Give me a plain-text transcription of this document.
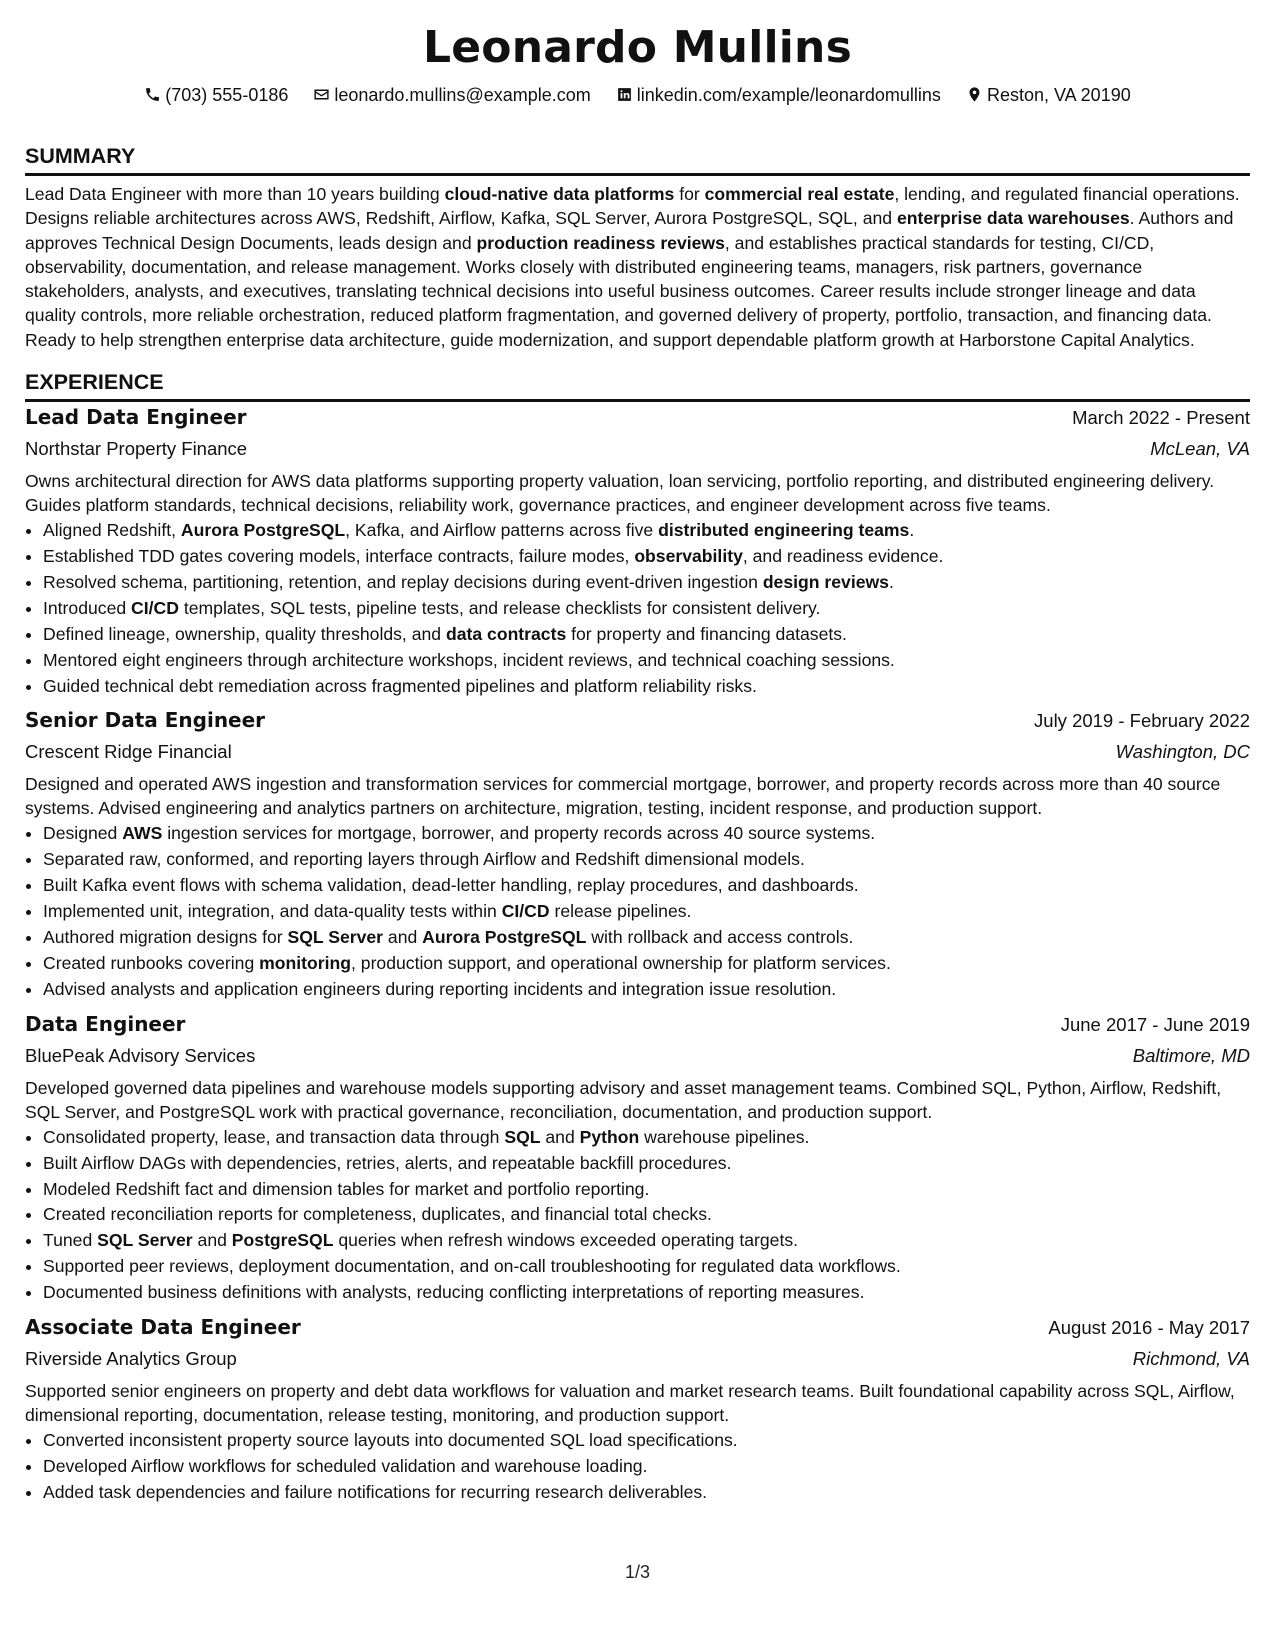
Leonardo Mullins
(703) 555-0186	leonardo.mullins@example.com	linkedin.com/example/leonardomullins	Reston, VA 20190
SUMMARY
Lead Data Engineer with more than 10 years building cloud-native data platforms for commercial real estate, lending, and regulated financial operations. Designs reliable architectures across AWS, Redshift, Airflow, Kafka, SQL Server, Aurora PostgreSQL, SQL, and enterprise data warehouses. Authors and approves Technical Design Documents, leads design and production readiness reviews, and establishes practical standards for testing, CI/CD, observability, documentation, and release management. Works closely with distributed engineering teams, managers, risk partners, governance stakeholders, analysts, and executives, translating technical decisions into useful business outcomes. Career results include stronger lineage and data quality controls, more reliable orchestration, reduced platform fragmentation, and governed delivery of property, portfolio, transaction, and financing data. Ready to help strengthen enterprise data architecture, guide modernization, and support dependable platform growth at Harborstone Capital Analytics.
EXPERIENCE
Lead Data Engineer	March 2022 - Present
Northstar Property Finance	McLean, VA
Owns architectural direction for AWS data platforms supporting property valuation, loan servicing, portfolio reporting, and distributed engineering delivery. Guides platform standards, technical decisions, reliability work, governance practices, and engineer development across five teams.
• Aligned Redshift, Aurora PostgreSQL, Kafka, and Airflow patterns across five distributed engineering teams.
• Established TDD gates covering models, interface contracts, failure modes, observability, and readiness evidence.
• Resolved schema, partitioning, retention, and replay decisions during event-driven ingestion design reviews.
• Introduced CI/CD templates, SQL tests, pipeline tests, and release checklists for consistent delivery.
• Defined lineage, ownership, quality thresholds, and data contracts for property and financing datasets.
• Mentored eight engineers through architecture workshops, incident reviews, and technical coaching sessions.
• Guided technical debt remediation across fragmented pipelines and platform reliability risks.
Senior Data Engineer	July 2019 - February 2022
Crescent Ridge Financial	Washington, DC
Designed and operated AWS ingestion and transformation services for commercial mortgage, borrower, and property records across more than 40 source systems. Advised engineering and analytics partners on architecture, migration, testing, incident response, and production support.
• Designed AWS ingestion services for mortgage, borrower, and property records across 40 source systems.
• Separated raw, conformed, and reporting layers through Airflow and Redshift dimensional models.
• Built Kafka event flows with schema validation, dead-letter handling, replay procedures, and dashboards.
• Implemented unit, integration, and data-quality tests within CI/CD release pipelines.
• Authored migration designs for SQL Server and Aurora PostgreSQL with rollback and access controls.
• Created runbooks covering monitoring, production support, and operational ownership for platform services.
• Advised analysts and application engineers during reporting incidents and integration issue resolution.
Data Engineer	June 2017 - June 2019
BluePeak Advisory Services	Baltimore, MD
Developed governed data pipelines and warehouse models supporting advisory and asset management teams. Combined SQL, Python, Airflow, Redshift, SQL Server, and PostgreSQL work with practical governance, reconciliation, documentation, and production support.
• Consolidated property, lease, and transaction data through SQL and Python warehouse pipelines.
• Built Airflow DAGs with dependencies, retries, alerts, and repeatable backfill procedures.
• Modeled Redshift fact and dimension tables for market and portfolio reporting.
• Created reconciliation reports for completeness, duplicates, and financial total checks.
• Tuned SQL Server and PostgreSQL queries when refresh windows exceeded operating targets.
• Supported peer reviews, deployment documentation, and on-call troubleshooting for regulated data workflows.
• Documented business definitions with analysts, reducing conflicting interpretations of reporting measures.
Associate Data Engineer	August 2016 - May 2017
Riverside Analytics Group	Richmond, VA
Supported senior engineers on property and debt data workflows for valuation and market research teams. Built foundational capability across SQL, Airflow, dimensional reporting, documentation, release testing, monitoring, and production support.
• Converted inconsistent property source layouts into documented SQL load specifications.
• Developed Airflow workflows for scheduled validation and warehouse loading.
• Added task dependencies and failure notifications for recurring research deliverables.
1/3
